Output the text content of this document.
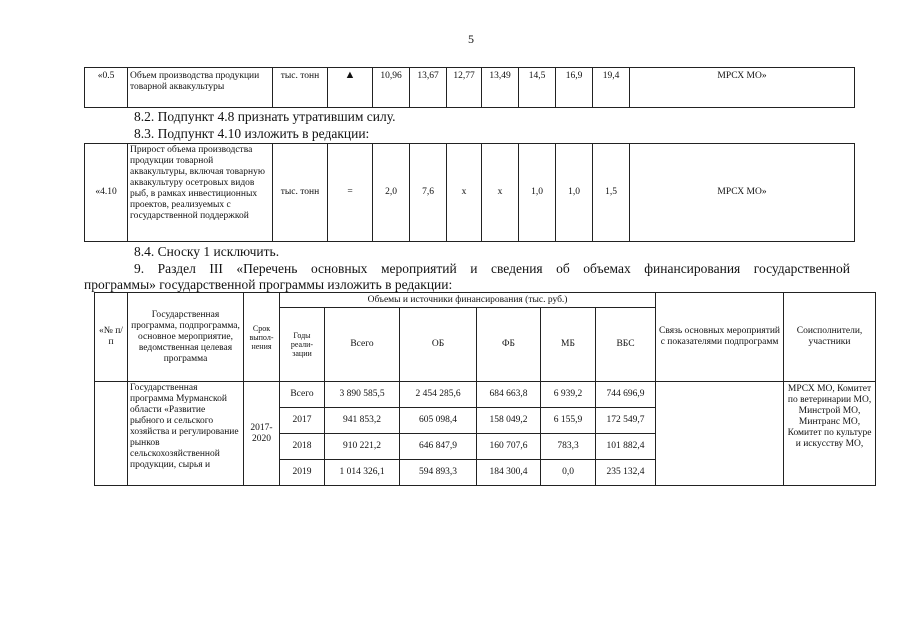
5
«0.5	Объем производства продукции товарной аквакультуры	тыс. тонн	▲	10,96	13,67	12,77	13,49	14,5	16,9	19,4	МРСХ МО»
8.2. Подпункт 4.8 признать утратившим силу.
8.3. Подпункт 4.10 изложить в редакции:
«4.10	Прирост объема производства продукции товарной аквакультуры, включая товарную аквакультуру осетровых видов рыб, в рамках инвестиционных проектов, реализуемых с государственной поддержкой	тыс. тонн	=	2,0	7,6	х	х	1,0	1,0	1,5	МРСХ МО»
8.4. Сноску 1 исключить.
9. Раздел III «Перечень основных мероприятий и сведения об объемах финансирования государственной
программы» государственной программы изложить в редакции:
«№ п/п	Государственная программа, подпрограмма, основное мероприятие, ведомственная целевая программа	Срок выпол-нения	Объемы и источники финансирования (тыс. руб.)						Связь основных мероприятий с показателями подпрограмм	Соисполнители, участники
			Годы реали-зации	Всего	ОБ	ФБ	МБ	ВБС		
	Государственная программа Мурманской области «Развитие рыбного и сельского хозяйства и регулирование рынков сельскохозяйственной продукции, сырья и	2017-2020	Всего	3 890 585,5	2 454 285,6	684 663,8	6 939,2	744 696,9		МРСХ МО, Комитет по ветеринарии МО, Минстрой МО, Минтранс МО, Комитет по культуре и искусству МО,
			2017	941 853,2	605 098,4	158 049,2	6 155,9	172 549,7		
			2018	910 221,2	646 847,9	160 707,6	783,3	101 882,4		
			2019	1 014 326,1	594 893,3	184 300,4	0,0	235 132,4		
